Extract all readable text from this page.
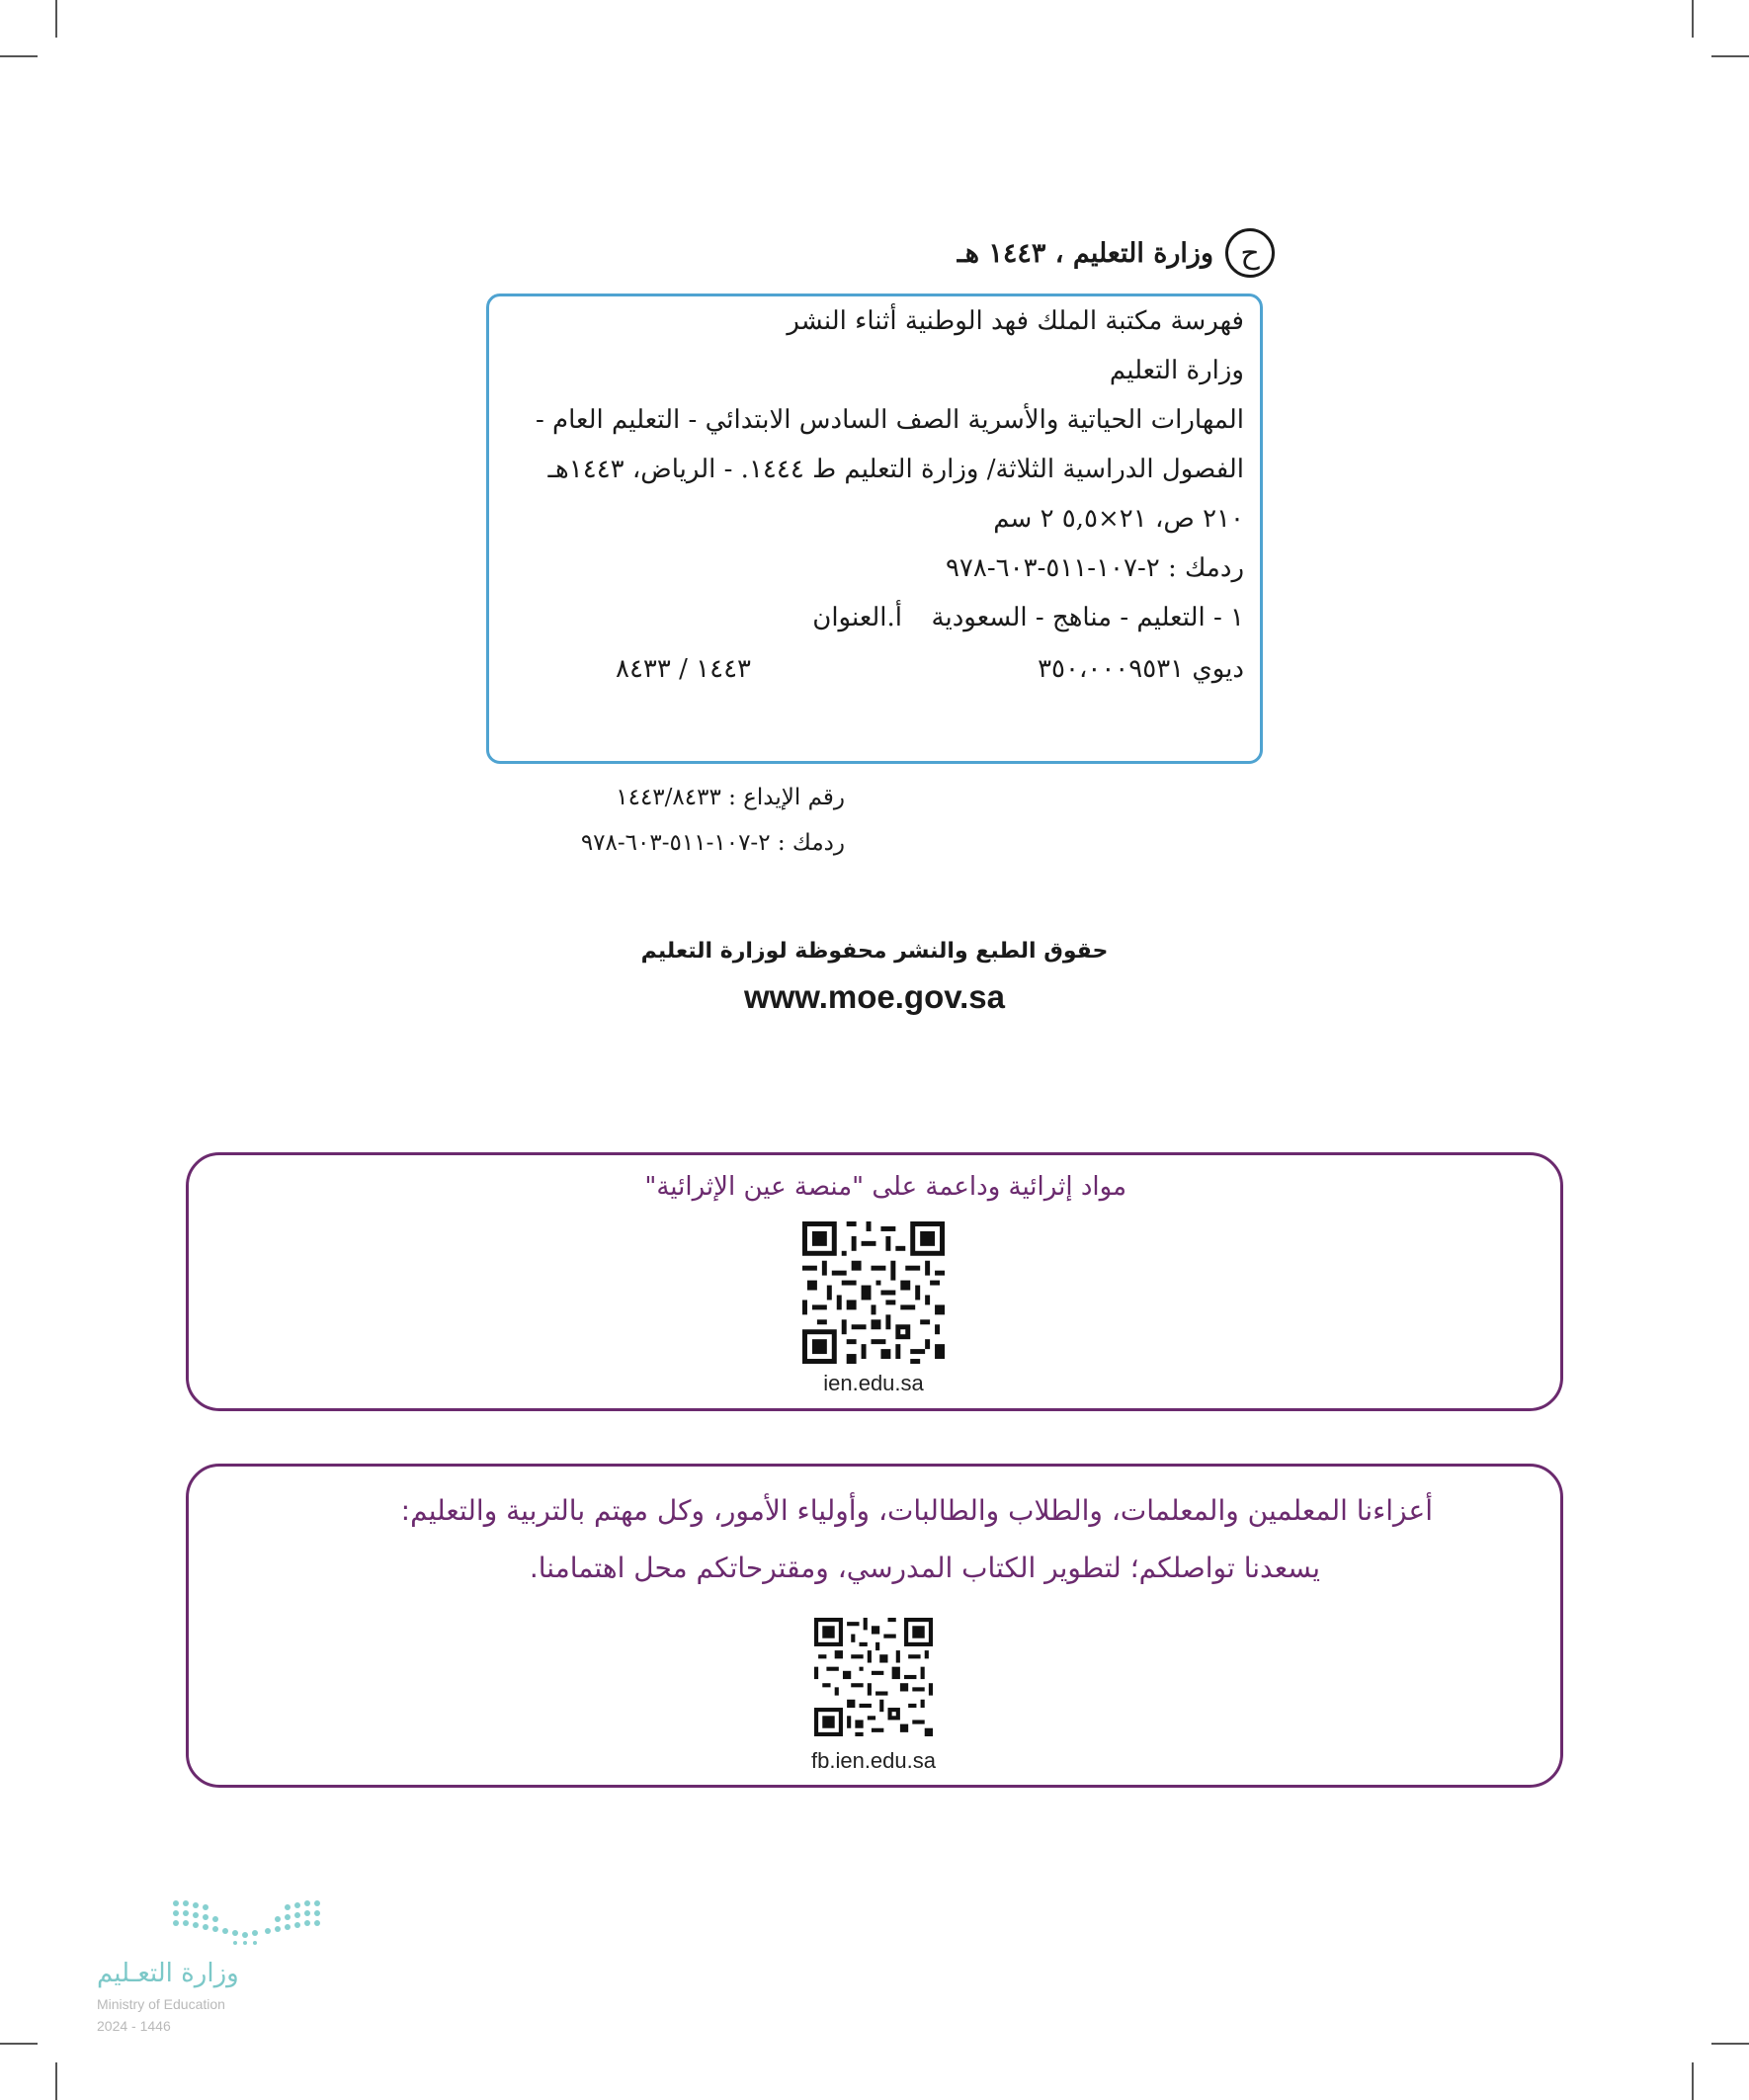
وزارة التعليم ، ١٤٤٣ هـ ح
فهرسة مكتبة الملك فهد الوطنية أثناء النشر
وزارة التعليم
المهارات الحياتية والأسرية الصف السادس الابتدائي - التعليم العام -
الفصول الدراسية الثلاثة/ وزارة التعليم ط ١٤٤٤. - الرياض، ١٤٤٣هـ
٢١٠ ص، ٢١×٥,٥ ٢ سم
ردمك : ٢-١٠٧-٥١١-٦٠٣-٩٧٨
١ - التعليم - مناهج - السعودية
أ.العنوان
ديوي ٣٥٠،٠٠٠٩٥٣١
١٤٤٣ / ٨٤٣٣
رقم الإيداع : ١٤٤٣/٨٤٣٣
ردمك : ٢-١٠٧-٥١١-٦٠٣-٩٧٨
حقوق الطبع والنشر محفوظة لوزارة التعليم
www.moe.gov.sa
مواد إثرائية وداعمة على "منصة عين الإثرائية"
ien.edu.sa
أعزاءنا المعلمين والمعلمات، والطلاب والطالبات، وأولياء الأمور، وكل مهتم بالتربية والتعليم:
يسعدنا تواصلكم؛ لتطوير الكتاب المدرسي، ومقترحاتكم محل اهتمامنا.
fb.ien.edu.sa
وزارة التعـليم
Ministry of Education
2024 - 1446
